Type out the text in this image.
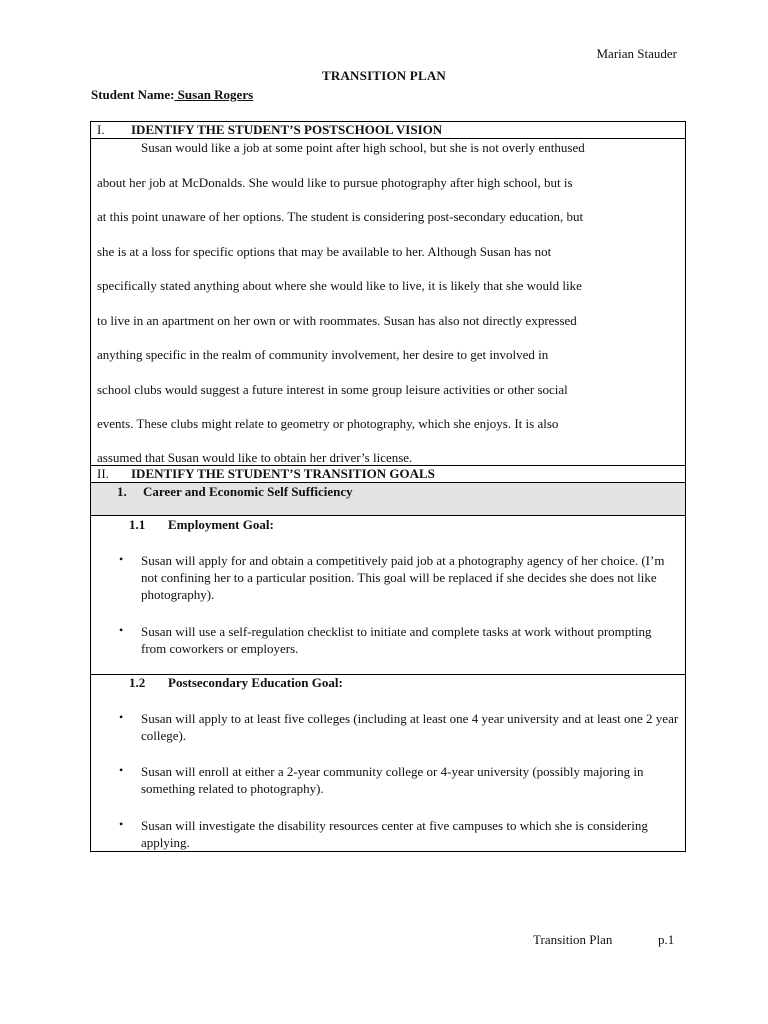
Marian Stauder
TRANSITION PLAN
Student Name: Susan Rogers
I. IDENTIFY THE STUDENT’S POSTSCHOOL VISION

Susan would like a job at some point after high school, but she is not overly enthused

about her job at McDonalds. She would like to pursue photography after high school, but is

at this point unaware of her options. The student is considering post-secondary education, but

she is at a loss for specific options that may be available to her. Although Susan has not

specifically stated anything about where she would like to live, it is likely that she would like

to live in an apartment on her own or with roommates. Susan has also not directly expressed

anything specific in the realm of community involvement, her desire to get involved in

school clubs would suggest a future interest in some group leisure activities or other social

events. These clubs might relate to geometry or photography, which she enjoys. It is also

assumed that Susan would like to obtain her driver’s license.

II. IDENTIFY THE STUDENT’S TRANSITION GOALS
1. Career and Economic Self Sufficiency
1.1 Employment Goal:
• Susan will apply for and obtain a competitively paid job at a photography agency of her choice. (I’m not confining her to a particular position. This goal will be replaced if she decides she does not like photography).
• Susan will use a self-regulation checklist to initiate and complete tasks at work without prompting from coworkers or employers.
1.2 Postsecondary Education Goal:
• Susan will apply to at least five colleges (including at least one 4 year university and at least one 2 year college).
• Susan will enroll at either a 2-year community college or 4-year university (possibly majoring in something related to photography).
• Susan will investigate the disability resources center at five campuses to which she is considering applying.
Transition Plan	p.1
